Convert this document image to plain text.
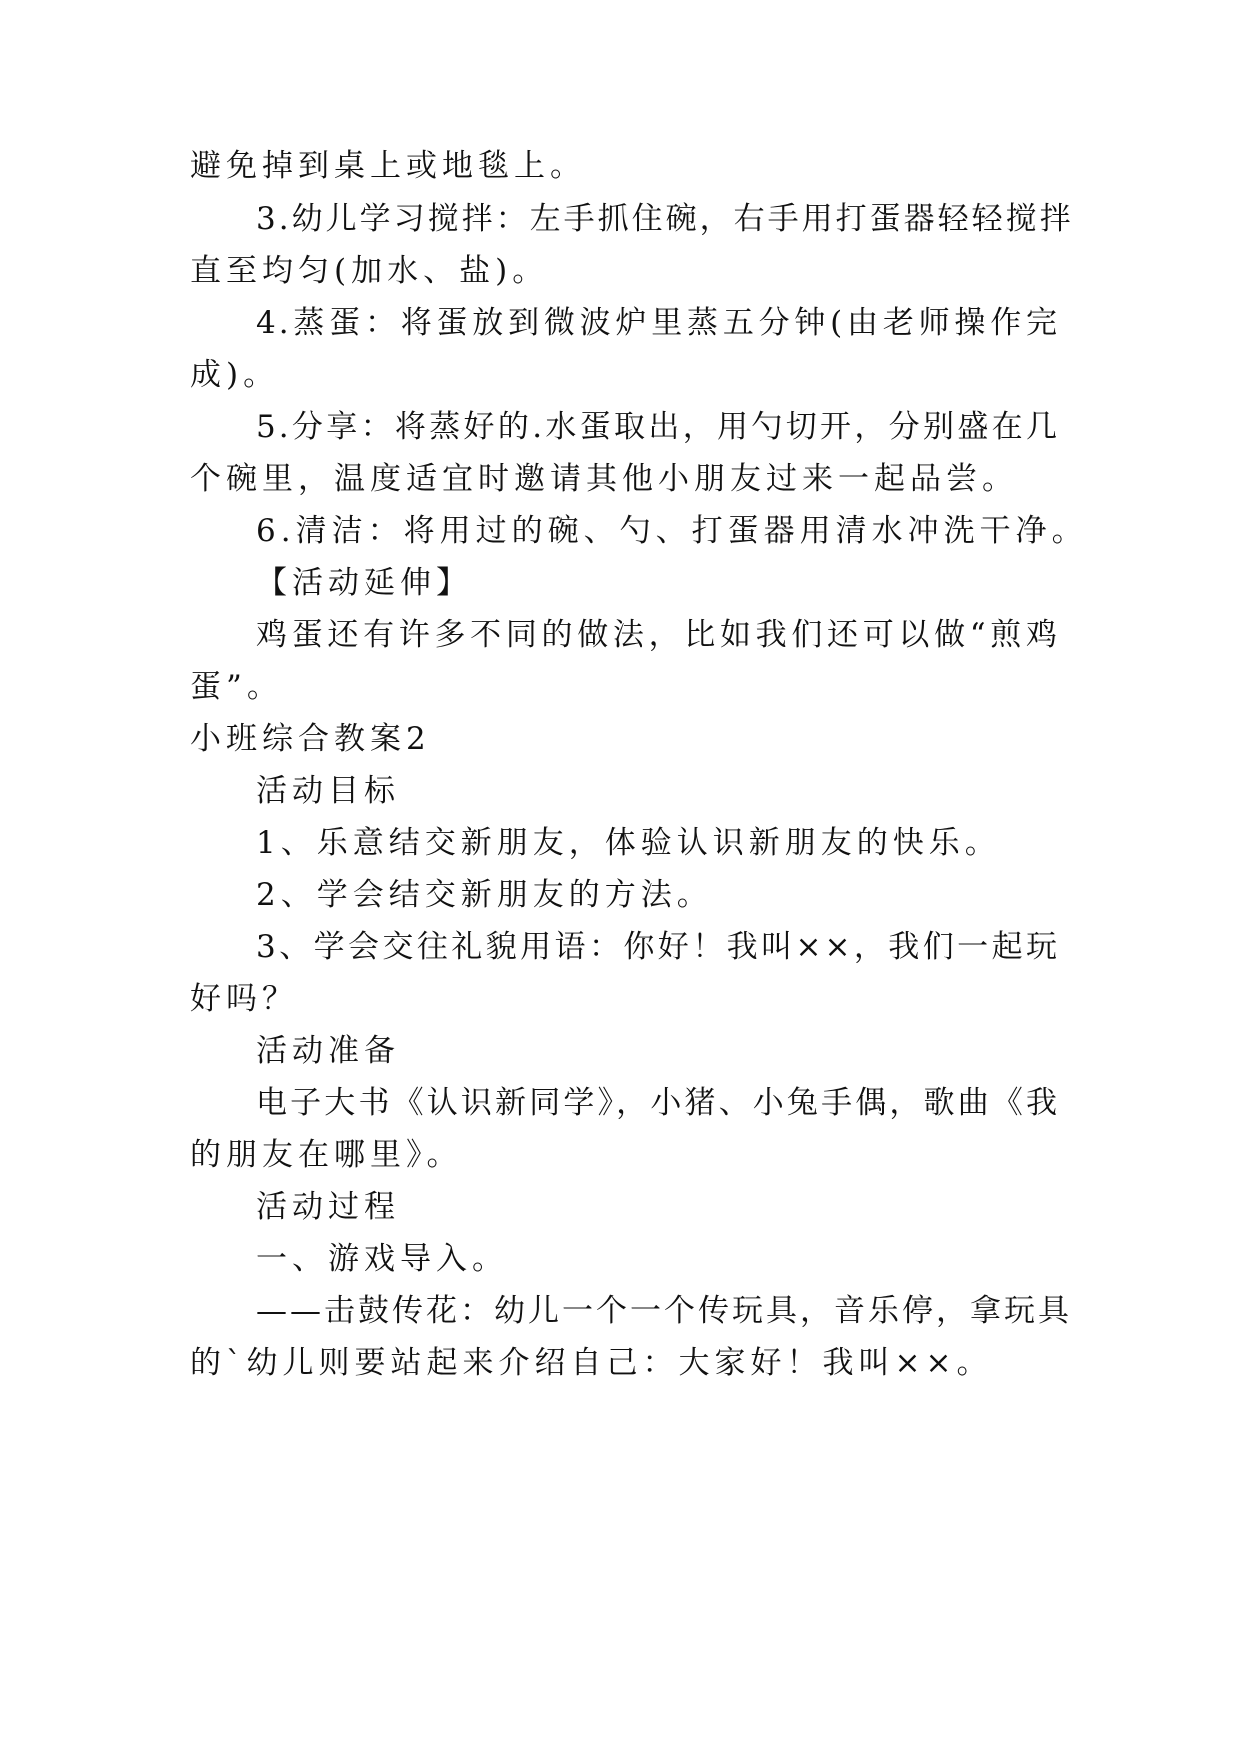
避免掉到桌上或地毯上。
3.幼儿学习搅拌：左手抓住碗，右手用打蛋器轻轻搅拌
直至均匀(加水、盐)。
4.蒸蛋：将蛋放到微波炉里蒸五分钟(由老师操作完
成)。
5.分享：将蒸好的.水蛋取出，用勺切开，分别盛在几
个碗里，温度适宜时邀请其他小朋友过来一起品尝。
6.清洁：将用过的碗、勺、打蛋器用清水冲洗干净。
【活动延伸】
鸡蛋还有许多不同的做法，比如我们还可以做“煎鸡
蛋”。
小班综合教案2
活动目标
1、乐意结交新朋友，体验认识新朋友的快乐。
2、学会结交新朋友的方法。
3、学会交往礼貌用语：你好！我叫××，我们一起玩
好吗？
活动准备
电子大书《认识新同学》，小猪、小兔手偶，歌曲《我
的朋友在哪里》。
活动过程
一、游戏导入。
——击鼓传花：幼儿一个一个传玩具，音乐停，拿玩具
的`幼儿则要站起来介绍自己：大家好！我叫××。
